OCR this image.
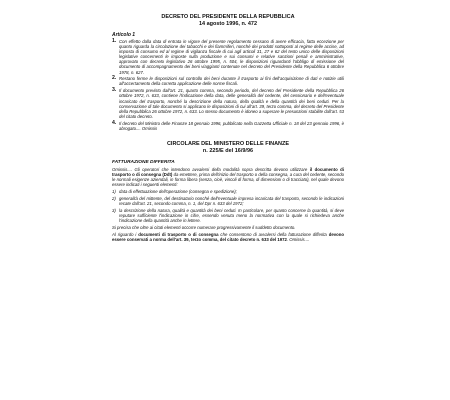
DECRETO DEL PRESIDENTE DELLA REPUBBLICA

14 agosto 1996, n. 472

Articolo 1

1. Con effetto dalla data di entrata in vigore del presente regolamento cessano di avere efficacia, fatta eccezione per quanto riguarda la circolazione dei tabacchi e dei fiammiferi, nonché dei prodotti sottoposti al regime delle accise, ad imposta di consumo ed al regime di vigilanza fiscale di cui agli articoli 31, 27 e 62 del testo unico delle disposizioni legislative concernenti le imposte sulla produzione e sui consumi e relative sanzioni penali e amministrative, approvato con decreto legislativo 26 ottobre 1995, n. 504, le disposizioni riguardanti l'obbligo di emissione del documento di accompagnamento dei beni viaggianti contenute nel decreto del Presidente della Repubblica 6 ottobre 1978, n. 627.
2. Restano ferme le disposizioni sul controllo dei beni durante il trasporto ai fini dell'acquisizione di dati e notizie utili all'accertamento della corretta applicazione delle norme fiscali.
3. Il documento previsto dall'art. 21, quarto comma, secondo periodo, del decreto del Presidente della Repubblica 26 ottobre 1972, n. 633, contiene l'indicazione della data, delle generalità del cedente, del cessionario e dell'eventuale incaricato del trasporto, nonché la descrizione della natura, della qualità e della quantità dei beni ceduti. Per la conservazione di tale documento si applicano le disposizioni di cui all'art. 39, terzo comma, del decreto del Presidente della Repubblica 26 ottobre 1972, n. 633. Lo stesso documento è idoneo a superare le presunzioni stabilite dall'art. 53 del citato decreto.
4. Il decreto del Ministro delle Finanze 18 gennaio 1996, pubblicato nella Gazzetta Ufficiale n. 18 del 23 gennaio 1996, è abrogato.... Omissis

CIRCOLARE DEL MINISTERO DELLE FINANZE

n. 225/E del 16/9/96

FATTURAZIONE DIFFERITA

Omissis.... Gli operatori che intendono avvalersi della modalità sopra descritta devono utilizzare il documento di trasporto o di consegna (Ddt) da emettere, prima dell'inizio del trasporto o della consegna, a cura del cedente, secondo le normali esigenze aziendali, in forma libera (senza, cioè, vincoli di forma, di dimensioni o di tracciato), nel quale devono essere indicati i seguenti elementi:

1) data di effettuazione dell'operazione (consegna e spedizione);
2) generalità del mittente, del destinatario nonché dell'eventuale impresa incaricata del trasporto, secondo le indicazioni recate dall'art. 21, secondo comma, n. 1, del Dpr n. 633 del 1972;
3) la descrizione della natura, qualità e quantità dei beni ceduti. In particolare, per quanto concerne la quantità, si deve reputare sufficiente l'indicazione in cifre, essendo venuta meno la normativa con la quale si richiedeva anche l'indicazione della quantità anche in lettere.

Si precisa che oltre ai citati elementi occorre numerare progressivamente il suddetto documento.

Al riguardo i documenti di trasporto o di consegna che consentono di avvalersi della fatturazione differita devono essere conservati a norma dell'art. 39, terzo comma, del citato decreto n. 633 del 1972. Omissis....
